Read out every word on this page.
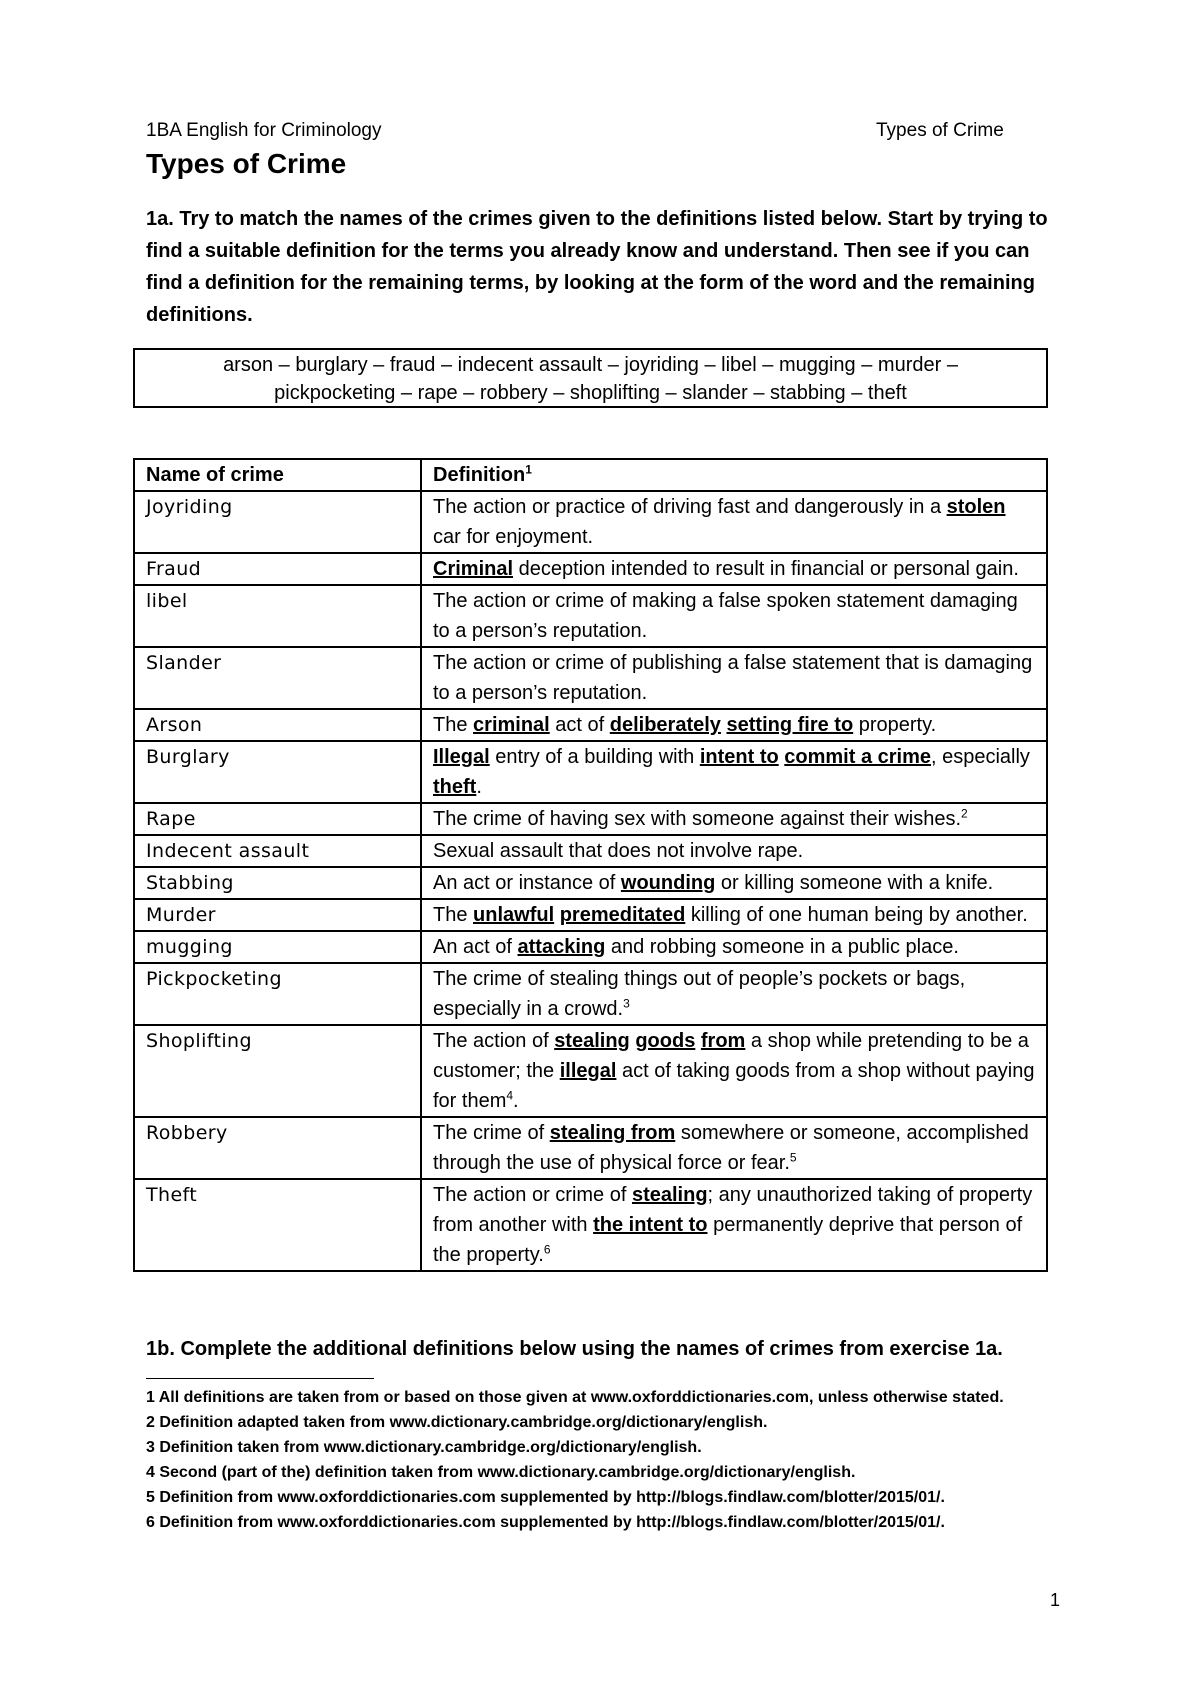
1BA English for Criminology	Types of Crime
Types of Crime

1a. Try to match the names of the crimes given to the definitions listed below. Start by trying to find a suitable definition for the terms you already know and understand. Then see if you can find a definition for the remaining terms, by looking at the form of the word and the remaining definitions.

arson – burglary – fraud – indecent assault – joyriding – libel – mugging – murder –
pickpocketing – rape – robbery – shoplifting – slander – stabbing – theft
Name of crime	Definition$^1$
Joyriding	The action or practice of driving fast and dangerously in a stolen car for enjoyment.
Fraud	Criminal deception intended to result in financial or personal gain.
libel	The action or crime of making a false spoken statement damaging to a person’s reputation.
Slander	The action or crime of publishing a false statement that is damaging to a person’s reputation.
Arson	The criminal act of deliberately setting fire to property.
Burglary	Illegal entry of a building with intent to commit a crime, especially theft.
Rape	The crime of having sex with someone against their wishes.$^2$
Indecent assault	Sexual assault that does not involve rape.
Stabbing	An act or instance of wounding or killing someone with a knife.
Murder	The unlawful premeditated killing of one human being by another.
mugging	An act of attacking and robbing someone in a public place.
Pickpocketing	The crime of stealing things out of people’s pockets or bags, especially in a crowd.$^3$
Shoplifting	The action of stealing goods from a shop while pretending to be a customer; the illegal act of taking goods from a shop without paying for them$^4$.
Robbery	The crime of stealing from somewhere or someone, accomplished through the use of physical force or fear.$^5$
Theft	The action or crime of stealing; any unauthorized taking of property from another with the intent to permanently deprive that person of the property.$^6$

1b. Complete the additional definitions below using the names of crimes from exercise 1a.

1 All definitions are taken from or based on those given at www.oxforddictionaries.com, unless otherwise stated.
2 Definition adapted taken from www.dictionary.cambridge.org/dictionary/english.
3 Definition taken from www.dictionary.cambridge.org/dictionary/english.
4 Second (part of the) definition taken from www.dictionary.cambridge.org/dictionary/english.
5 Definition from www.oxforddictionaries.com supplemented by http://blogs.findlaw.com/blotter/2015/01/.
6 Definition from www.oxforddictionaries.com supplemented by http://blogs.findlaw.com/blotter/2015/01/.
1
